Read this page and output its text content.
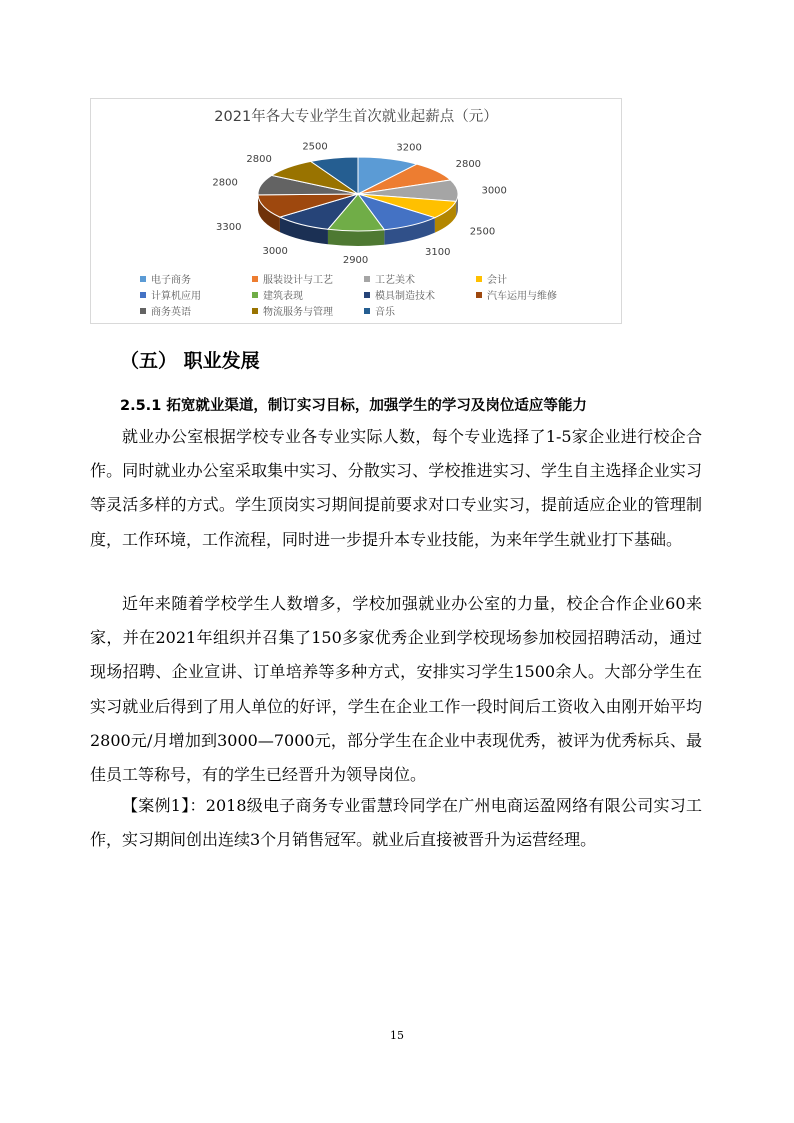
2021年各大专业学生首次就业起薪点（元）
3200
2800
3000
2500
3100
2900
3000
3300
2800
2800
2500
电子商务	服装设计与工艺	工艺美术	会计
计算机应用	建筑表现	模具制造技术	汽车运用与维修
商务英语	物流服务与管理	音乐
（五） 职业发展
2.5.1 拓宽就业渠道，制订实习目标，加强学生的学习及岗位适应等能力

就业办公室根据学校专业各专业实际人数，每个专业选择了1-5家企业进行校企合作。同时就业办公室采取集中实习、分散实习、学校推进实习、学生自主选择企业实习等灵活多样的方式。学生顶岗实习期间提前要求对口专业实习，提前适应企业的管理制度，工作环境，工作流程，同时进一步提升本专业技能，为来年学生就业打下基础。

近年来随着学校学生人数增多，学校加强就业办公室的力量，校企合作企业60来家，并在2021年组织并召集了150多家优秀企业到学校现场参加校园招聘活动，通过现场招聘、企业宣讲、订单培养等多种方式，安排实习学生1500余人。大部分学生在实习就业后得到了用人单位的好评，学生在企业工作一段时间后工资收入由刚开始平均2800元/月增加到3000—7000元，部分学生在企业中表现优秀，被评为优秀标兵、最佳员工等称号，有的学生已经晋升为领导岗位。

【案例1】：2018级电子商务专业雷慧玲同学在广州电商运盈网络有限公司实习工作，实习期间创出连续3个月销售冠军。就业后直接被晋升为运营经理。

15
